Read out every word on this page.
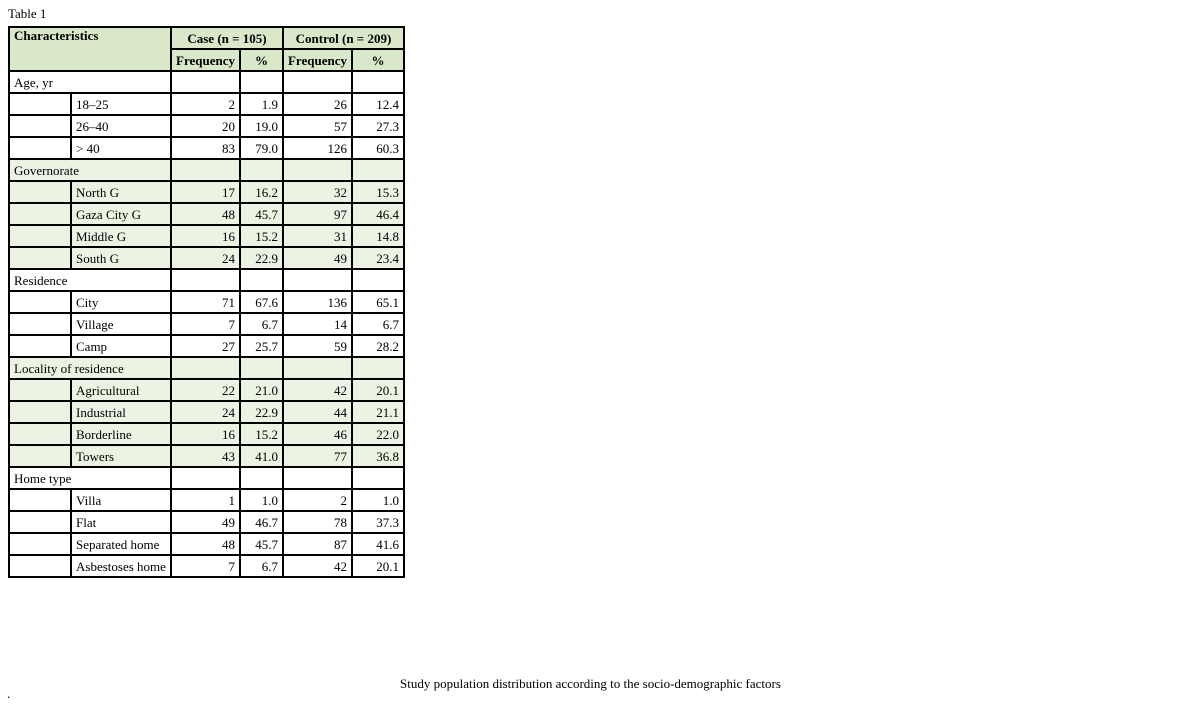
Table 1
Characteristics		Case (n = 105)		Control (n = 209)	
		Frequency	%	Frequency	%
Age, yr					
	18–25	2	1.9	26	12.4
	26–40	20	19.0	57	27.3
	> 40	83	79.0	126	60.3
Governorate					
	North G	17	16.2	32	15.3
	Gaza City G	48	45.7	97	46.4
	Middle G	16	15.2	31	14.8
	South G	24	22.9	49	23.4
Residence					
	City	71	67.6	136	65.1
	Village	7	6.7	14	6.7
	Camp	27	25.7	59	28.2
Locality of residence					
	Agricultural	22	21.0	42	20.1
	Industrial	24	22.9	44	21.1
	Borderline	16	15.2	46	22.0
	Towers	43	41.0	77	36.8
Home type					
	Villa	1	1.0	2	1.0
	Flat	49	46.7	78	37.3
	Separated home	48	45.7	87	41.6
	Asbestoses home	7	6.7	42	20.1
Study population distribution according to the socio-demographic factors
.
